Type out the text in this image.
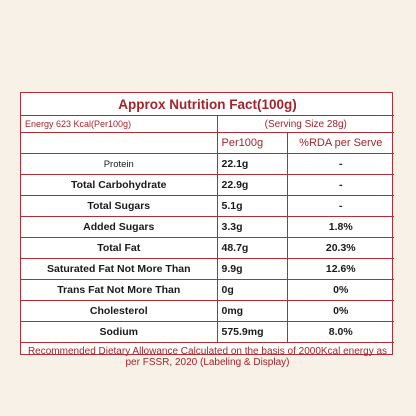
Approx Nutrition Fact(100g)		
Energy 623 Kcal(Per100g)	(Serving Size 28g)	
	Per100g	%RDA per Serve
Protein	22.1g	-
Total Carbohydrate	22.9g	-
Total Sugars	5.1g	-
Added Sugars	3.3g	1.8%
Total Fat	48.7g	20.3%
Saturated Fat Not More Than	9.9g	12.6%
Trans Fat Not More Than	0g	0%
Cholesterol	0mg	0%
Sodium	575.9mg	8.0%
Recommended Dietary Allowance Calculated on the basis of 2000Kcal energy as per FSSR, 2020 (Labeling & Display)		
